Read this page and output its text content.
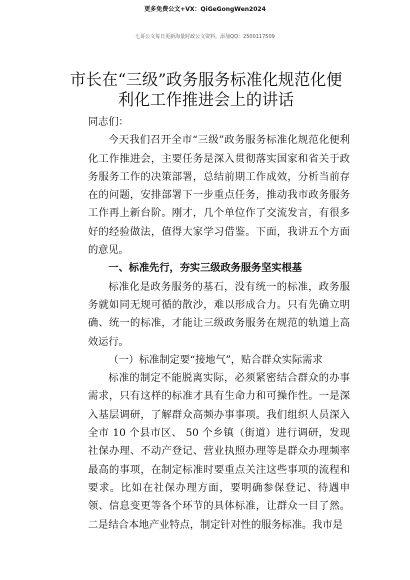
更多免费公文+VX：QiGeGongWen2024
七哥公文每日更新海量时政公文资料，添加QQ：2500117509
市长在“三级”政务服务标准化规范化便利化工作推进会上的讲话

同志们：

今天我们召开全市“三级”政务服务标准化规范化便利化工作推进会，主要任务是深入贯彻落实国家和省关于政务服务工作的决策部署，总结前期工作成效，分析当前存在的问题，安排部署下一步重点任务，推动我市政务服务工作再上新台阶。刚才，几个单位作了交流发言，有很多好的经验做法，值得大家学习借鉴。下面，我讲五个方面的意见。

一、标准先行，夯实三级政务服务坚实根基

标准化是政务服务的基石，没有统一的标准，政务服务就如同无规可循的散沙，难以形成合力。只有先确立明确、统一的标准，才能让三级政务服务在规范的轨道上高效运行。

（一）标准制定要“接地气”，贴合群众实际需求

标准的制定不能脱离实际，必须紧密结合群众的办事需求，只有这样的标准才具有生命力和可操作性。一是深入基层调研，了解群众高频办事事项。我们组织人员深入全市 10 个县市区、 50 个乡镇（街道）进行调研，发现社保办理、不动产登记、营业执照办理等是群众办理频率最高的事项，在制定标准时要重点关注这些事项的流程和要求。比如在社保办理方面，要明确参保登记、待遇申领、信息变更等各个环节的具体标准，让群众一目了然。二是结合本地产业特点，制定针对性的服务标准。我市是
